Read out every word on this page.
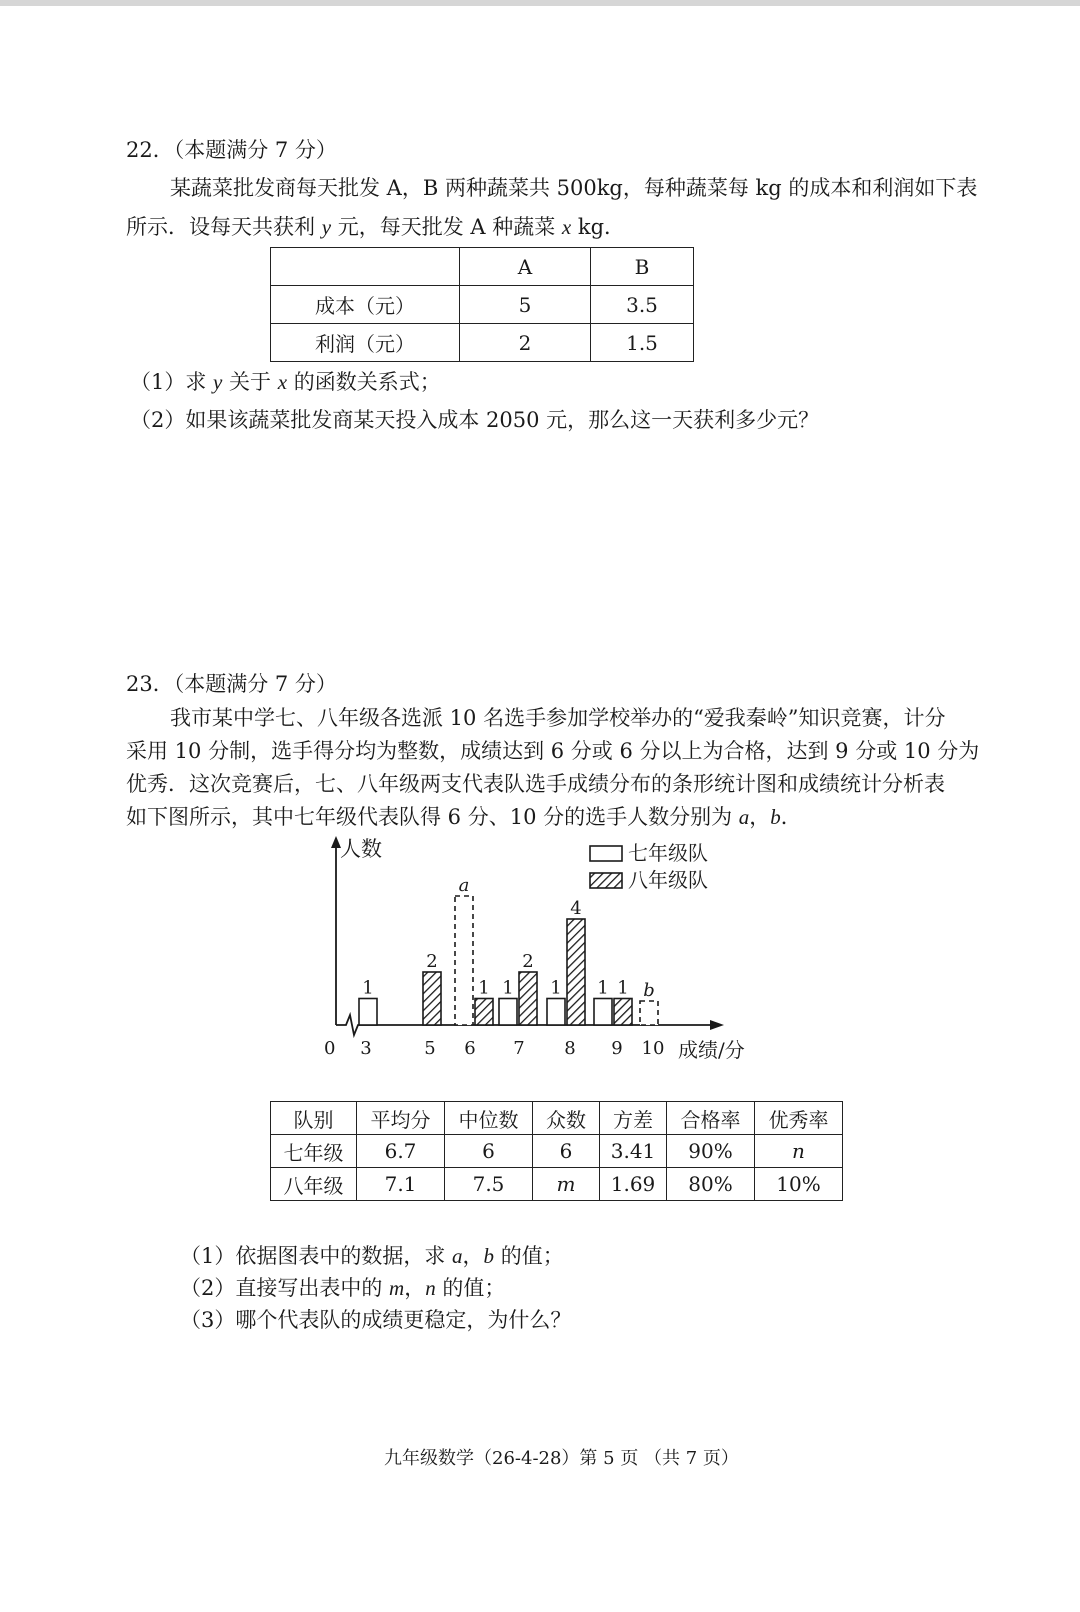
22．（本题满分 7 分）
某蔬菜批发商每天批发 A，B 两种蔬菜共 500kg，每种蔬菜每 kg 的成本和利润如下表
所示．设每天共获利 y 元，每天批发 A 种蔬菜 x kg．
	A	B
成本（元）	5	3.5
利润（元）	2	1.5
（1）求 y 关于 x 的函数关系式；
（2）如果该蔬菜批发商某天投入成本 2050 元，那么这一天获利多少元？
23．（本题满分 7 分）
我市某中学七、八年级各选派 10 名选手参加学校举办的“爱我秦岭”知识竞赛，计分
采用 10 分制，选手得分均为整数，成绩达到 6 分或 6 分以上为合格，达到 9 分或 10 分为
优秀．这次竞赛后，七、八年级两支代表队选手成绩分布的条形统计图和成绩统计分析表
如下图所示，其中七年级代表队得 6 分、10 分的选手人数分别为 a，b．
人数
0	成绩/分
七年级队
八年级队
3
1
5
2
6
a
1
7
1
2
8
1
4
9
1 1
10
b
队别	平均分	中位数	众数	方差	合格率	优秀率
七年级	6.7	6	6	3.41	90%	n
八年级	7.1	7.5	m	1.69	80%	10%
（1）依据图表中的数据，求 a，b 的值；
（2）直接写出表中的 m，n 的值；
（3）哪个代表队的成绩更稳定，为什么？
九年级数学（26-4-28）第 5 页 （共 7 页）
